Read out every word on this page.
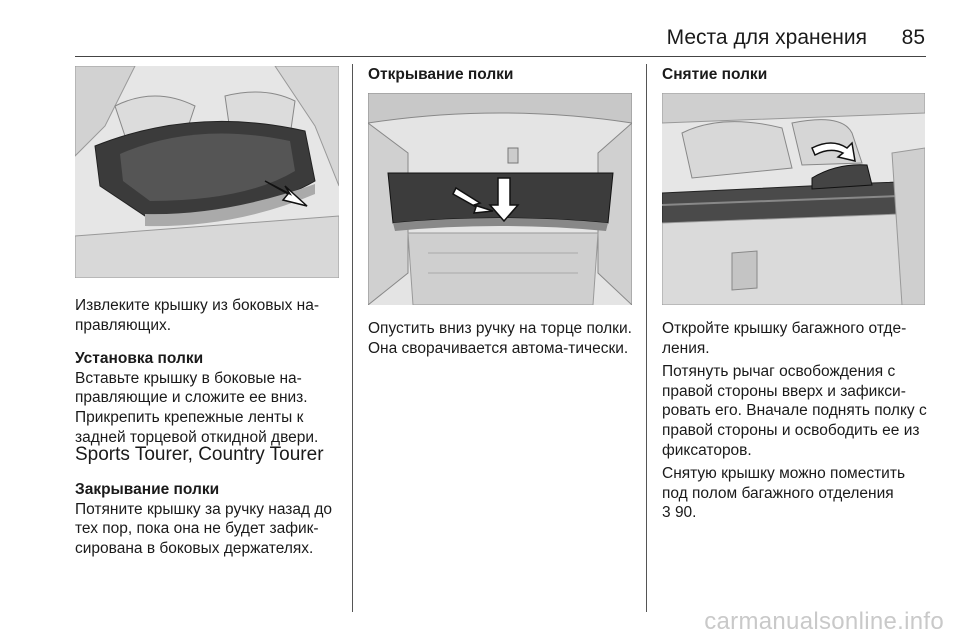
Места для хранения 85

Извлеките крышку из боковых на-правляющих.

Установка полки
Вставьте крышку в боковые на-правляющие и сложите ее вниз. Прикрепить крепежные ленты к задней торцевой откидной двери.

Sports Tourer, Country Tourer
Закрывание полки
Потяните крышку за ручку назад до тех пор, пока она не будет зафик-сирована в боковых держателях.
Открывание полки
Опустить вниз ручку на торце полки. Она сворачивается автома-тически.
Снятие полки

Откройте крышку багажного отде-ления.

Потянуть рычаг освобождения с правой стороны вверх и зафикси-ровать его. Вначале поднять полку с правой стороны и освободить ее из фиксаторов.

Снятую крышку можно поместить под полом багажного отделения
3 90.

carmanualsonline.info
